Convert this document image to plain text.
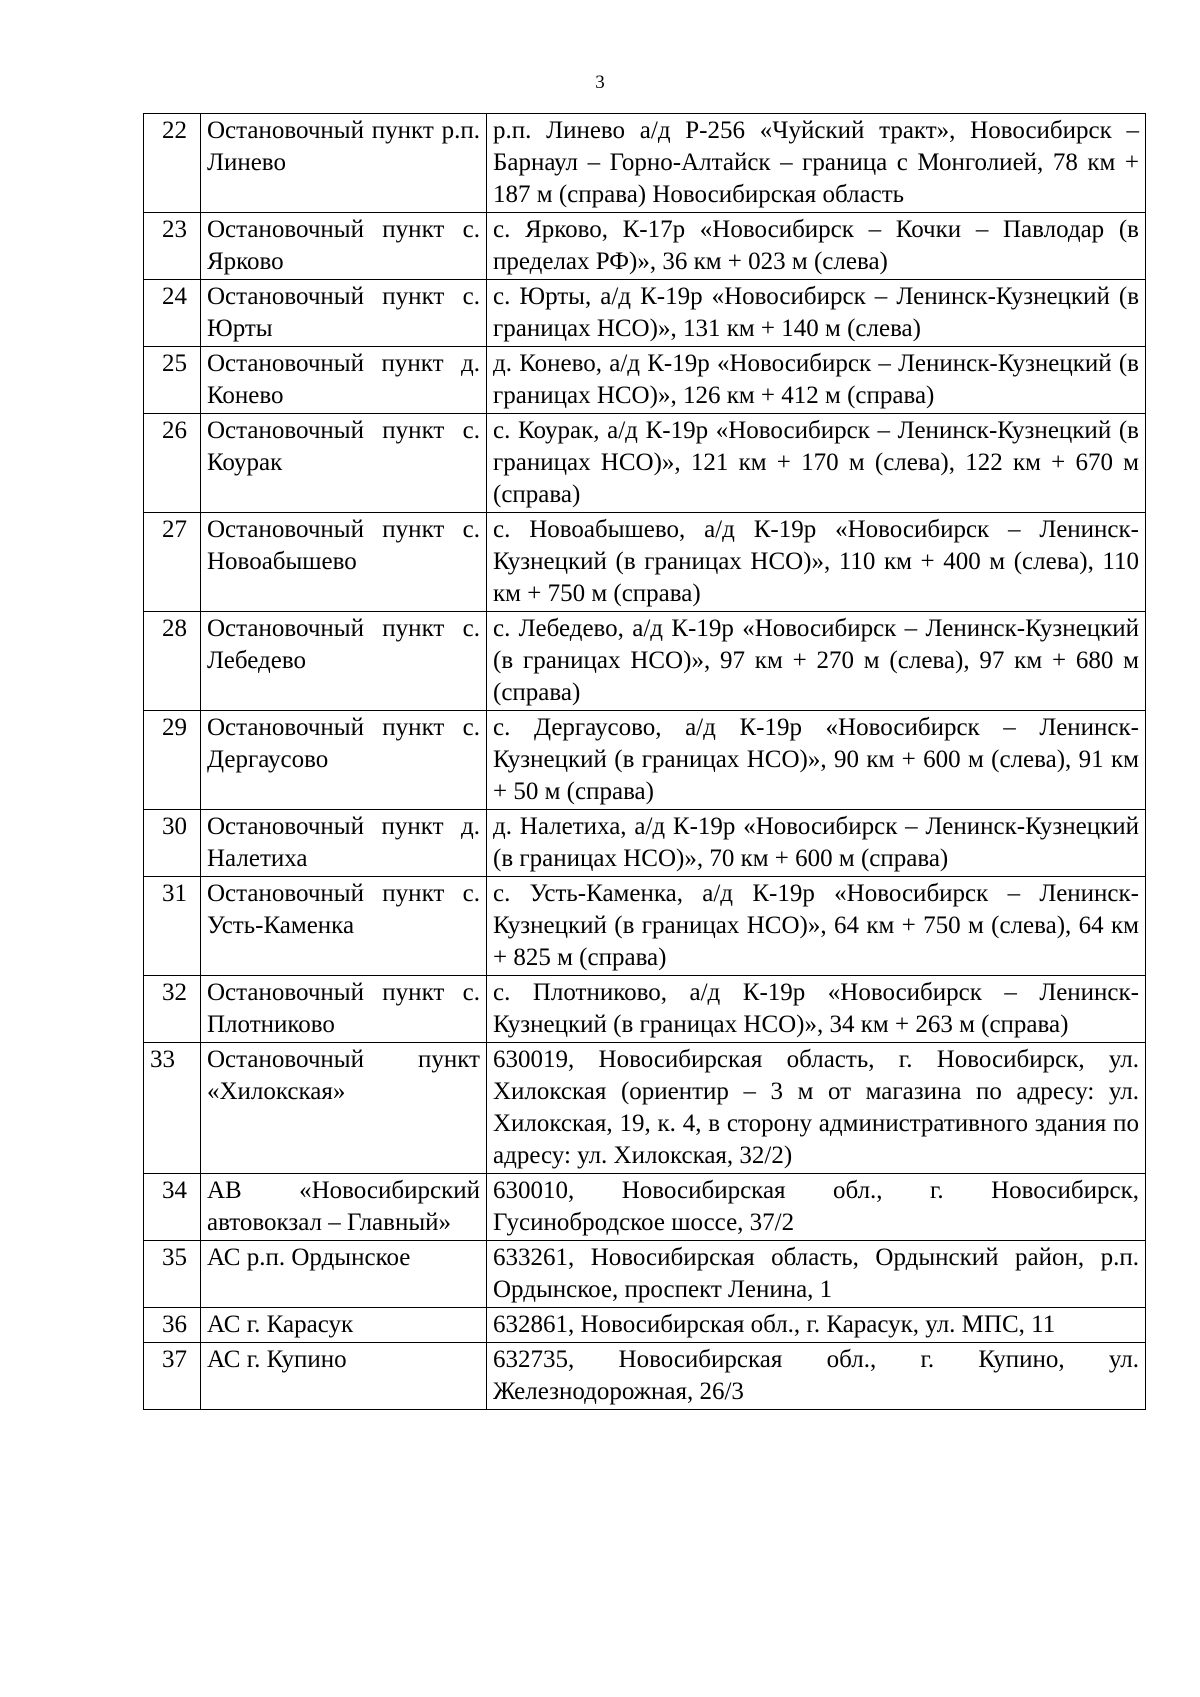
3
22	Остановочный пункт р.п. Линево	р.п. Линево а/д Р-256 «Чуйский тракт», Новосибирск – Барнаул – Горно-Алтайск – граница с Монголией, 78 км + 187 м (справа) Новосибирская область
23	Остановочный пункт с. Ярково	с. Ярково, К-17р «Новосибирск – Кочки – Павлодар (в пределах РФ)», 36 км + 023 м (слева)
24	Остановочный пункт с. Юрты	с. Юрты, а/д К-19р «Новосибирск – Ленинск-Кузнецкий (в границах НСО)», 131 км + 140 м (слева)
25	Остановочный пункт д. Конево	д. Конево, а/д К-19р «Новосибирск – Ленинск-Кузнецкий (в границах НСО)», 126 км + 412 м (справа)
26	Остановочный пункт с. Коурак	с. Коурак, а/д К-19р «Новосибирск – Ленинск-Кузнецкий (в границах НСО)», 121 км + 170 м (слева), 122 км + 670 м (справа)
27	Остановочный пункт с. Новоабышево	с. Новоабышево, а/д К-19р «Новосибирск – Ленинск-Кузнецкий (в границах НСО)», 110 км + 400 м (слева), 110 км + 750 м (справа)
28	Остановочный пункт с. Лебедево	с. Лебедево, а/д К-19р «Новосибирск – Ленинск-Кузнецкий (в границах НСО)», 97 км + 270 м (слева), 97 км + 680 м (справа)
29	Остановочный пункт с. Дергаусово	с. Дергаусово, а/д К-19р «Новосибирск – Ленинск-Кузнецкий (в границах НСО)», 90 км + 600 м (слева), 91 км + 50 м (справа)
30	Остановочный пункт д. Налетиха	д. Налетиха, а/д К-19р «Новосибирск – Ленинск-Кузнецкий (в границах НСО)», 70 км + 600 м (справа)
31	Остановочный пункт с. Усть-Каменка	с. Усть-Каменка, а/д К-19р «Новосибирск – Ленинск-Кузнецкий (в границах НСО)», 64 км + 750 м (слева), 64 км + 825 м (справа)
32	Остановочный пункт с. Плотниково	с. Плотниково, а/д К-19р «Новосибирск – Ленинск-Кузнецкий (в границах НСО)», 34 км + 263 м (справа)
33	Остановочный пункт «Хилокская»	630019, Новосибирская область, г. Новосибирск, ул. Хилокская (ориентир – 3 м от магазина по адресу: ул. Хилокская, 19, к. 4, в сторону административного здания по адресу: ул. Хилокская, 32/2)
34	АВ «Новосибирский автовокзал – Главный»	630010, Новосибирская обл., г. Новосибирск, Гусинобродское шоссе, 37/2
35	АС р.п. Ордынское	633261, Новосибирская область, Ордынский район, р.п. Ордынское, проспект Ленина, 1
36	АС г. Карасук	632861, Новосибирская обл., г. Карасук, ул. МПС, 11
37	АС г. Купино	632735, Новосибирская обл., г. Купино, ул. Железнодорожная, 26/3
